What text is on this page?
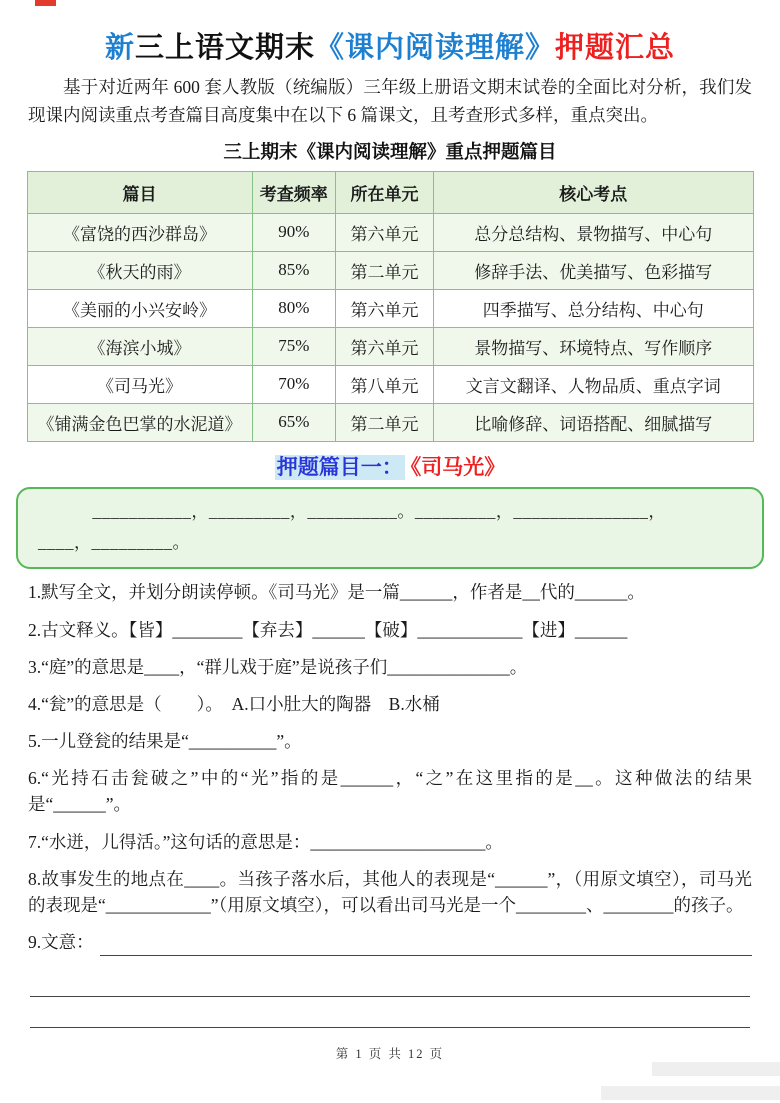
新三上语文期末《课内阅读理解》押题汇总

基于对近两年 600 套人教版（统编版）三年级上册语文期末试卷的全面比对分析，我们发现课内阅读重点考查篇目高度集中在以下 6 篇课文，且考查形式多样，重点突出。

三上期末《课内阅读理解》重点押题篇目
篇目	考查频率	所在单元	核心考点
《富饶的西沙群岛》	90%	第六单元	总分总结构、景物描写、中心句
《秋天的雨》	85%	第二单元	修辞手法、优美描写、色彩描写
《美丽的小兴安岭》	80%	第六单元	四季描写、总分结构、中心句
《海滨小城》	75%	第六单元	景物描写、环境特点、写作顺序
《司马光》	70%	第八单元	文言文翻译、人物品质、重点字词
《铺满金色巴掌的水泥道》	65%	第二单元	比喻修辞、词语搭配、细腻描写
押题篇目一： 《司马光》
___________，_________，__________。_________，_______________，
____，_________。

1.默写全文，并划分朗读停顿。《司马光》是一篇______，作者是__代的______。

2.古文释义。【皆】________【弃去】______【破】____________【进】______

3.“庭”的意思是____，“群儿戏于庭”是说孩子们______________。

4.“瓮”的意思是（　　）。　A.口小肚大的陶器　B.水桶

5.一儿登瓮的结果是“__________”。

6.“光持石击瓮破之”中的“光”指的是______，“之”在这里指的是__。这种做法的结果是“______”。

7.“水迸，儿得活。”这句话的意思是：____________________。

8.故事发生的地点在____。当孩子落水后，其他人的表现是“______”，（用原文填空），司马光的表现是“____________”（用原文填空），可以看出司马光是一个________、________的孩子。

9.文意：

第 1 页 共 12 页
